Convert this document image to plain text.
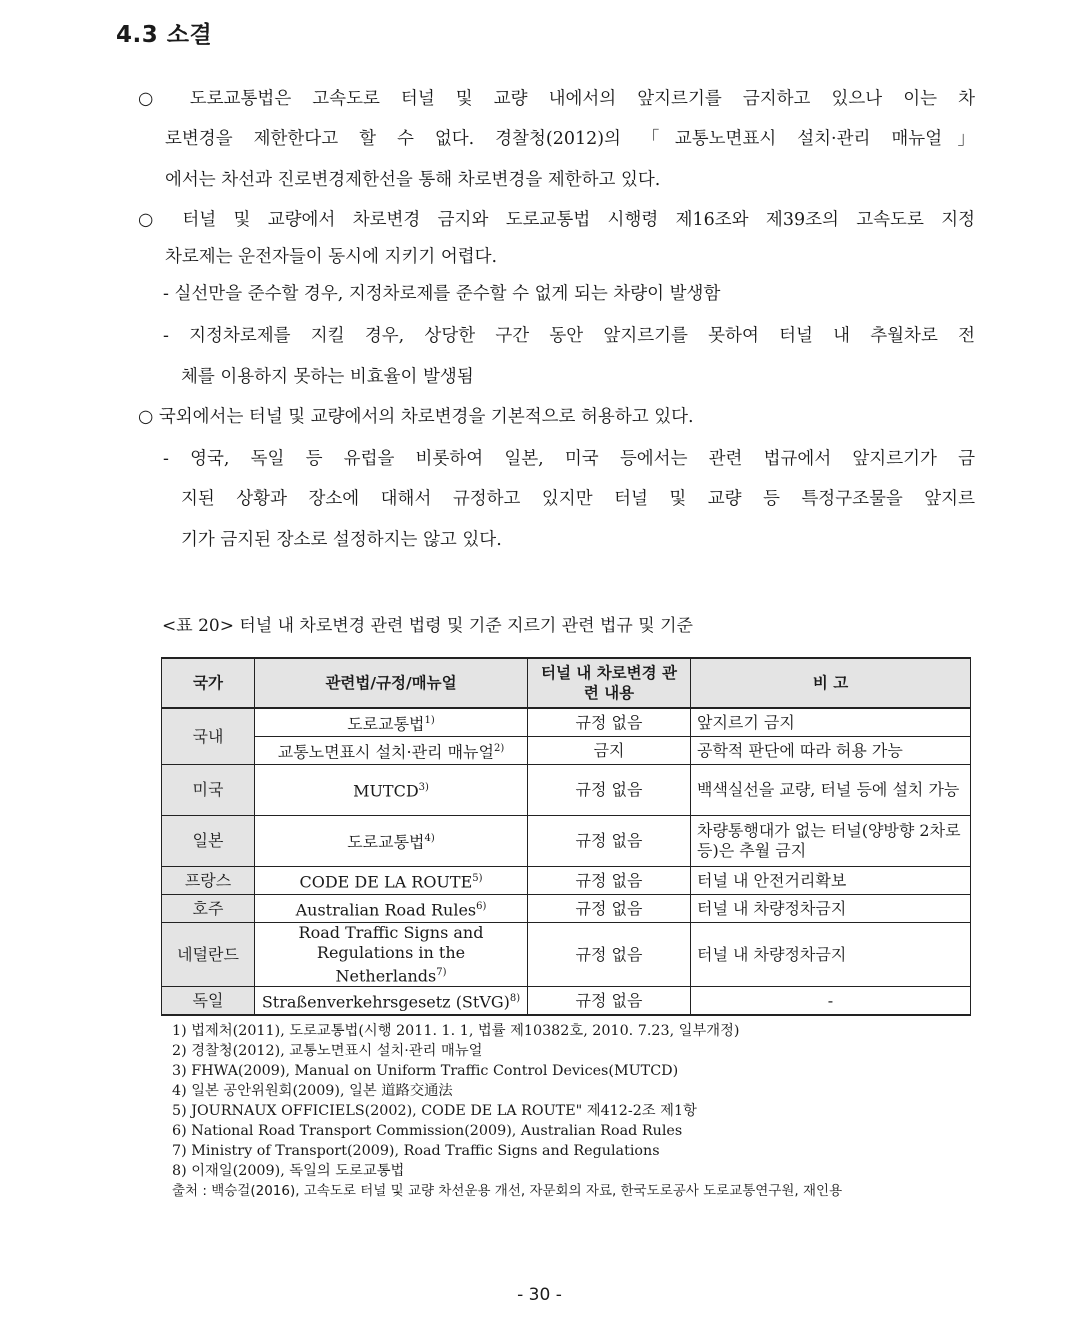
4.3 소결
○ 도로교통법은 고속도로 터널 및 교량 내에서의 앞지르기를 금지하고 있으나 이는 차
로변경을 제한한다고 할 수 없다. 경찰청(2012)의 「교통노면표시 설치·관리 매뉴얼」
에서는 차선과 진로변경제한선을 통해 차로변경을 제한하고 있다.
○ 터널 및 교량에서 차로변경 금지와 도로교통법 시행령 제16조와 제39조의 고속도로 지정
차로제는 운전자들이 동시에 지키기 어렵다.
- 실선만을 준수할 경우, 지정차로제를 준수할 수 없게 되는 차량이 발생함
- 지정차로제를 지킬 경우, 상당한 구간 동안 앞지르기를 못하여 터널 내 추월차로 전
체를 이용하지 못하는 비효율이 발생됨
○ 국외에서는 터널 및 교량에서의 차로변경을 기본적으로 허용하고 있다.
- 영국, 독일 등 유럽을 비롯하여 일본, 미국 등에서는 관련 법규에서 앞지르기가 금
지된 상황과 장소에 대해서 규정하고 있지만 터널 및 교량 등 특정구조물을 앞지르
기가 금지된 장소로 설정하지는 않고 있다.
<표 20> 터널 내 차로변경 관련 법령 및 기준 지르기 관련 법규 및 기준
국가	관련법/규정/매뉴얼	터널 내 차로변경 관련 내용	비 고
국내	도로교통법$^{1)}$	규정 없음	앞지르기 금지
	교통노면표시 설치·관리 매뉴얼$^{2)}$	금지	공학적 판단에 따라 허용 가능
미국	MUTCD$^{3)}$	규정 없음	백색실선을 교량, 터널 등에 설치 가능
일본	도로교통법$^{4)}$	규정 없음	차량통행대가 없는 터널(양방향 2차로 등)은 추월 금지
프랑스	CODE DE LA ROUTE$^{5)}$	규정 없음	터널 내 안전거리확보
호주	Australian Road Rules$^{6)}$	규정 없음	터널 내 차량정차금지
네덜란드	Road Traffic Signs and Regulations in the Netherlands$^{7)}$	규정 없음	터널 내 차량정차금지
독일	Straßenverkehrsgesetz (StVG)$^{8)}$	규정 없음	-
1) 법제처(2011), 도로교통법(시행 2011. 1. 1, 법률 제10382호, 2010. 7.23, 일부개정)
2) 경찰청(2012), 교통노면표시 설치·관리 매뉴얼
3) FHWA(2009), Manual on Uniform Traffic Control Devices(MUTCD)
4) 일본 공안위원회(2009), 일본 道路交通法
5) JOURNAUX OFFICIELS(2002), CODE DE LA ROUTE" 제412-2조 제1항
6) National Road Transport Commission(2009), Australian Road Rules
7) Ministry of Transport(2009), Road Traffic Signs and Regulations
8) 이재일(2009), 독일의 도로교통법
출처 : 백승걸(2016), 고속도로 터널 및 교량 차선운용 개선, 자문회의 자료, 한국도로공사 도로교통연구원, 재인용
- 30 -
